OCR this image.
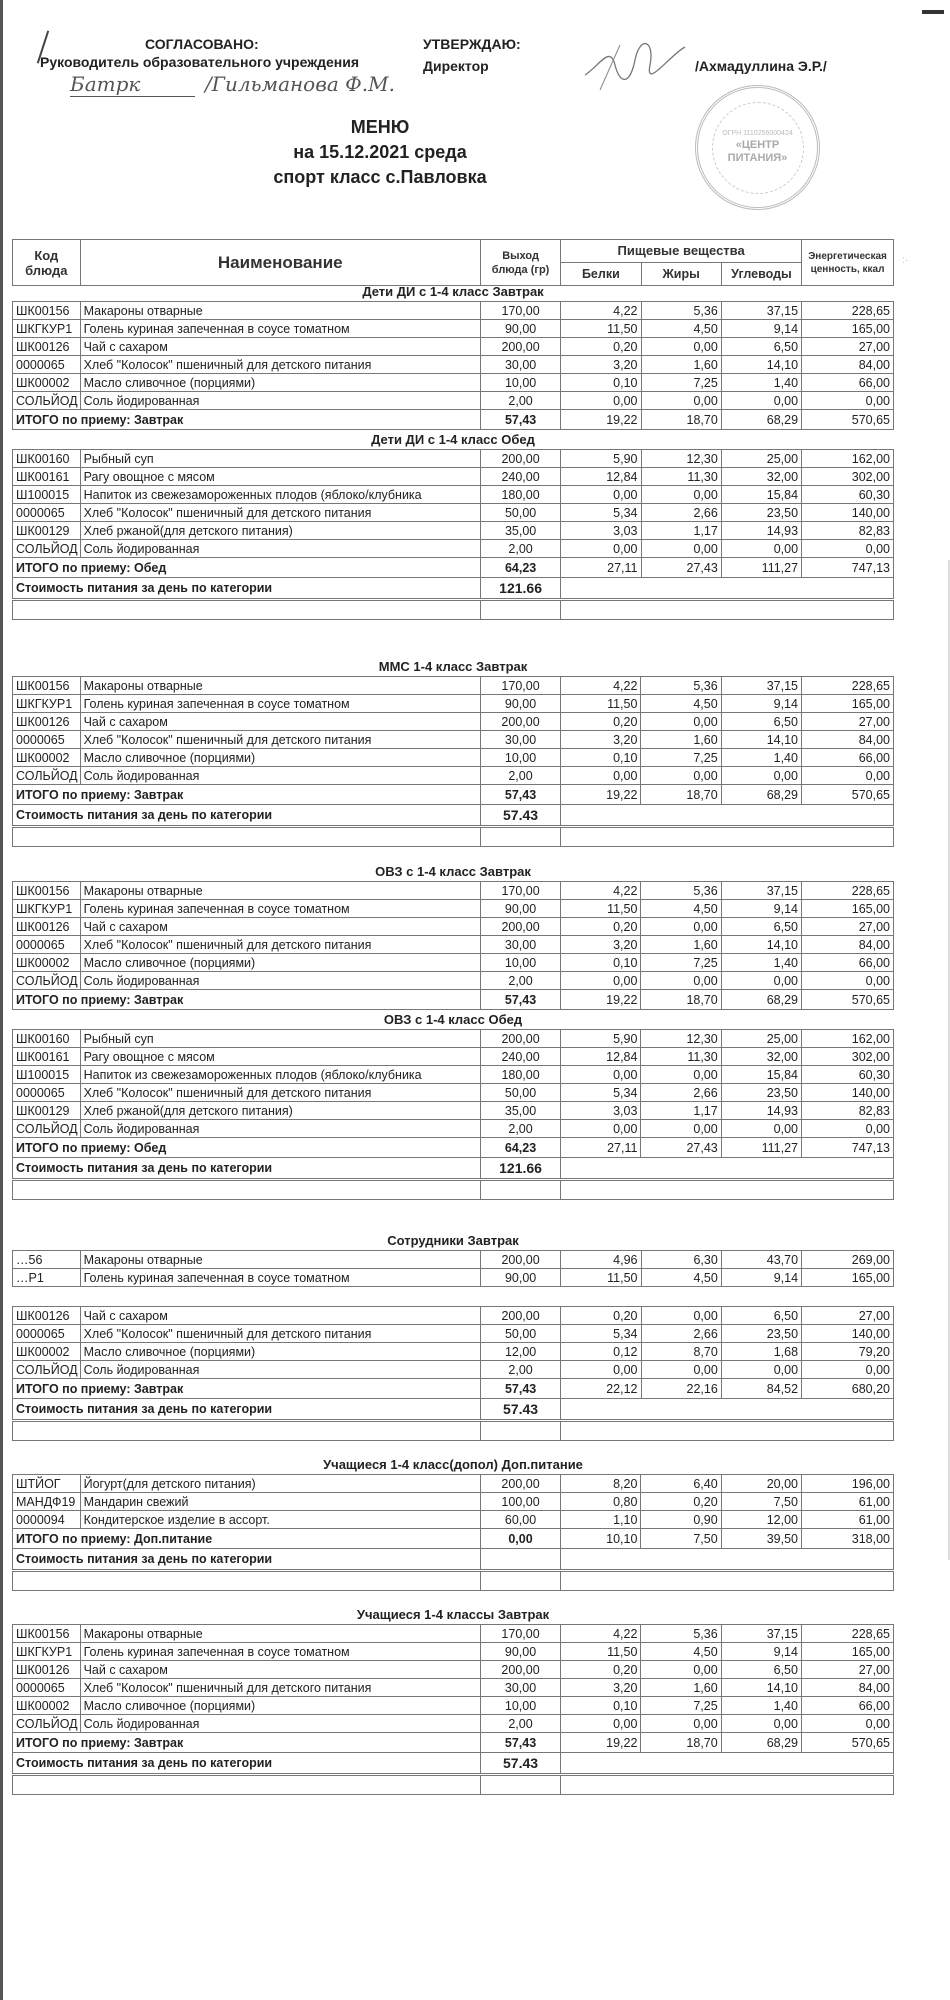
СОГЛАСОВАНО:
Руководитель образовательного учреждения
Батрк	/Гильманова Ф.М.
УТВЕРЖДАЮ:
Директор	/Ахмадуллина Э.Р./
ОГРН 1110256000424
«ЦЕНТР
ПИТАНИЯ»
МЕНЮ
на 15.12.2021 среда
спорт класс с.Павловка
:·
Код блюда	Наименование	Выход блюда (гр)	Пищевые вещества			Энергетическая ценность, ккал
			Белки	Жиры	Углеводы	
Дети ДИ с 1-4 класс Завтрак						
ШК00156	Макароны отварные	170,00	4,22	5,36	37,15	228,65
ШКГКУР1	Голень куриная запеченная в соусе томатном	90,00	11,50	4,50	9,14	165,00
ШК00126	Чай с сахаром	200,00	0,20	0,00	6,50	27,00
0000065	Хлеб "Колосок" пшеничный для детского питания	30,00	3,20	1,60	14,10	84,00
ШК00002	Масло сливочное (порциями)	10,00	0,10	7,25	1,40	66,00
СОЛЬЙОД	Соль йодированная	2,00	0,00	0,00	0,00	0,00
ИТОГО по приему: Завтрак		57,43	19,22	18,70	68,29	570,65
Дети ДИ с 1-4 класс Обед						
ШК00160	Рыбный суп	200,00	5,90	12,30	25,00	162,00
ШК00161	Рагу овощное с мясом	240,00	12,84	11,30	32,00	302,00
Ш100015	Напиток из свежезамороженных плодов (яблоко/клубника	180,00	0,00	0,00	15,84	60,30
0000065	Хлеб "Колосок" пшеничный для детского питания	50,00	5,34	2,66	23,50	140,00
ШК00129	Хлеб ржаной(для детского питания)	35,00	3,03	1,17	14,93	82,83
СОЛЬЙОД	Соль йодированная	2,00	0,00	0,00	0,00	0,00
ИТОГО по приему: Обед		64,23	27,11	27,43	111,27	747,13
Стоимость питания за день по категории		121.66				

ММС 1-4 класс Завтрак						
ШК00156	Макароны отварные	170,00	4,22	5,36	37,15	228,65
ШКГКУР1	Голень куриная запеченная в соусе томатном	90,00	11,50	4,50	9,14	165,00
ШК00126	Чай с сахаром	200,00	0,20	0,00	6,50	27,00
0000065	Хлеб "Колосок" пшеничный для детского питания	30,00	3,20	1,60	14,10	84,00
ШК00002	Масло сливочное (порциями)	10,00	0,10	7,25	1,40	66,00
СОЛЬЙОД	Соль йодированная	2,00	0,00	0,00	0,00	0,00
ИТОГО по приему: Завтрак		57,43	19,22	18,70	68,29	570,65
Стоимость питания за день по категории		57.43				

ОВЗ с 1-4 класс Завтрак						
ШК00156	Макароны отварные	170,00	4,22	5,36	37,15	228,65
ШКГКУР1	Голень куриная запеченная в соусе томатном	90,00	11,50	4,50	9,14	165,00
ШК00126	Чай с сахаром	200,00	0,20	0,00	6,50	27,00
0000065	Хлеб "Колосок" пшеничный для детского питания	30,00	3,20	1,60	14,10	84,00
ШК00002	Масло сливочное (порциями)	10,00	0,10	7,25	1,40	66,00
СОЛЬЙОД	Соль йодированная	2,00	0,00	0,00	0,00	0,00
ИТОГО по приему: Завтрак		57,43	19,22	18,70	68,29	570,65
ОВЗ с 1-4 класс Обед						
ШК00160	Рыбный суп	200,00	5,90	12,30	25,00	162,00
ШК00161	Рагу овощное с мясом	240,00	12,84	11,30	32,00	302,00
Ш100015	Напиток из свежезамороженных плодов (яблоко/клубника	180,00	0,00	0,00	15,84	60,30
0000065	Хлеб "Колосок" пшеничный для детского питания	50,00	5,34	2,66	23,50	140,00
ШК00129	Хлеб ржаной(для детского питания)	35,00	3,03	1,17	14,93	82,83
СОЛЬЙОД	Соль йодированная	2,00	0,00	0,00	0,00	0,00
ИТОГО по приему: Обед		64,23	27,11	27,43	111,27	747,13
Стоимость питания за день по категории		121.66				

Сотрудники Завтрак						
…56	Макароны отварные	200,00	4,96	6,30	43,70	269,00
…Р1	Голень куриная запеченная в соусе томатном	90,00	11,50	4,50	9,14	165,00
ШК00126	Чай с сахаром	200,00	0,20	0,00	6,50	27,00
0000065	Хлеб "Колосок" пшеничный для детского питания	50,00	5,34	2,66	23,50	140,00
ШК00002	Масло сливочное (порциями)	12,00	0,12	8,70	1,68	79,20
СОЛЬЙОД	Соль йодированная	2,00	0,00	0,00	0,00	0,00
ИТОГО по приему: Завтрак		57,43	22,12	22,16	84,52	680,20
Стоимость питания за день по категории		57.43				

Учащиеся 1-4 класс(допол) Доп.питание						
ШТЙОГ	Йогурт(для детского питания)	200,00	8,20	6,40	20,00	196,00
МАНДФ19	Мандарин свежий	100,00	0,80	0,20	7,50	61,00
0000094	Кондитерское изделие в ассорт.	60,00	1,10	0,90	12,00	61,00
ИТОГО по приему: Доп.питание		0,00	10,10	7,50	39,50	318,00
Стоимость питания за день по категории						

Учащиеся 1-4 классы Завтрак						
ШК00156	Макароны отварные	170,00	4,22	5,36	37,15	228,65
ШКГКУР1	Голень куриная запеченная в соусе томатном	90,00	11,50	4,50	9,14	165,00
ШК00126	Чай с сахаром	200,00	0,20	0,00	6,50	27,00
0000065	Хлеб "Колосок" пшеничный для детского питания	30,00	3,20	1,60	14,10	84,00
ШК00002	Масло сливочное (порциями)	10,00	0,10	7,25	1,40	66,00
СОЛЬЙОД	Соль йодированная	2,00	0,00	0,00	0,00	0,00
ИТОГО по приему: Завтрак		57,43	19,22	18,70	68,29	570,65
Стоимость питания за день по категории		57.43				
